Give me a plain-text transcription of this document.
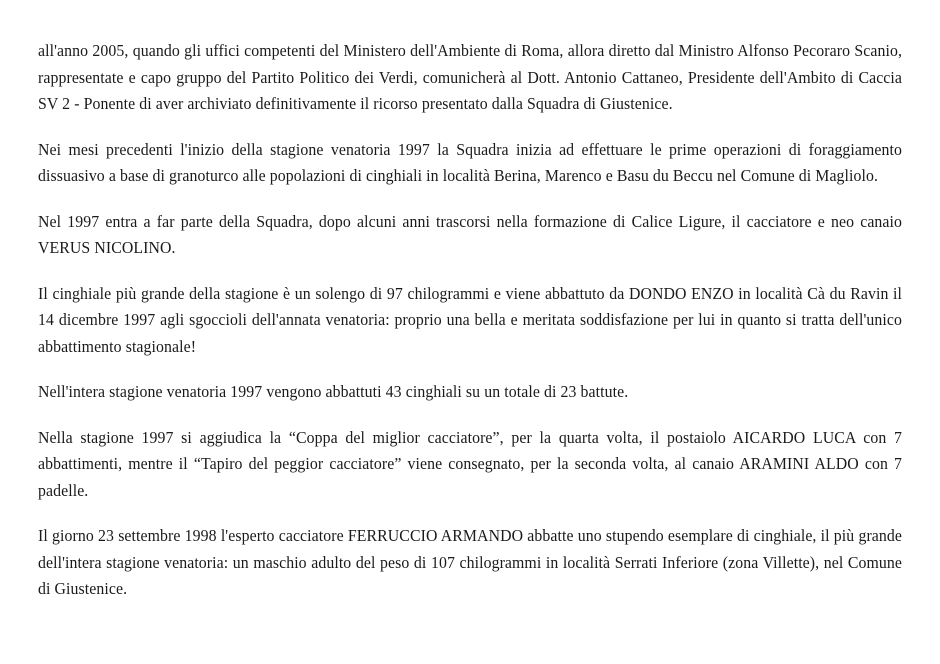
all'anno 2005, quando gli uffici competenti del Ministero dell'Ambiente di Roma, allora diretto dal Ministro Alfonso Pecoraro Scanio, rappresentate e capo gruppo del Partito Politico dei Verdi, comunicherà al Dott. Antonio Cattaneo, Presidente dell'Ambito di Caccia SV 2 - Ponente di aver archiviato definitivamente il ricorso presentato dalla Squadra di Giustenice.

Nei mesi precedenti l'inizio della stagione venatoria 1997 la Squadra inizia ad effettuare le prime operazioni di foraggiamento dissuasivo a base di granoturco alle popolazioni di cinghiali in località Berina, Marenco e Basu du Beccu nel Comune di Magliolo.

Nel 1997 entra a far parte della Squadra, dopo alcuni anni trascorsi nella formazione di Calice Ligure, il cacciatore e neo canaio VERUS NICOLINO.

Il cinghiale più grande della stagione è un solengo di 97 chilogrammi e viene abbattuto da DONDO ENZO in località Cà du Ravin il 14 dicembre 1997 agli sgoccioli dell'annata venatoria: proprio una bella e meritata soddisfazione per lui in quanto si tratta dell'unico abbattimento stagionale!

Nell'intera stagione venatoria 1997 vengono abbattuti 43 cinghiali su un totale di 23 battute.

Nella stagione 1997 si aggiudica la “Coppa del miglior cacciatore”, per la quarta volta, il postaiolo AICARDO LUCA con 7 abbattimenti, mentre il “Tapiro del peggior cacciatore” viene consegnato, per la seconda volta, al canaio ARAMINI ALDO con 7 padelle.

Il giorno 23 settembre 1998 l'esperto cacciatore FERRUCCIO ARMANDO abbatte uno stupendo esemplare di cinghiale, il più grande dell'intera stagione venatoria: un maschio adulto del peso di 107 chilogrammi in località Serrati Inferiore (zona Villette), nel Comune di Giustenice.
